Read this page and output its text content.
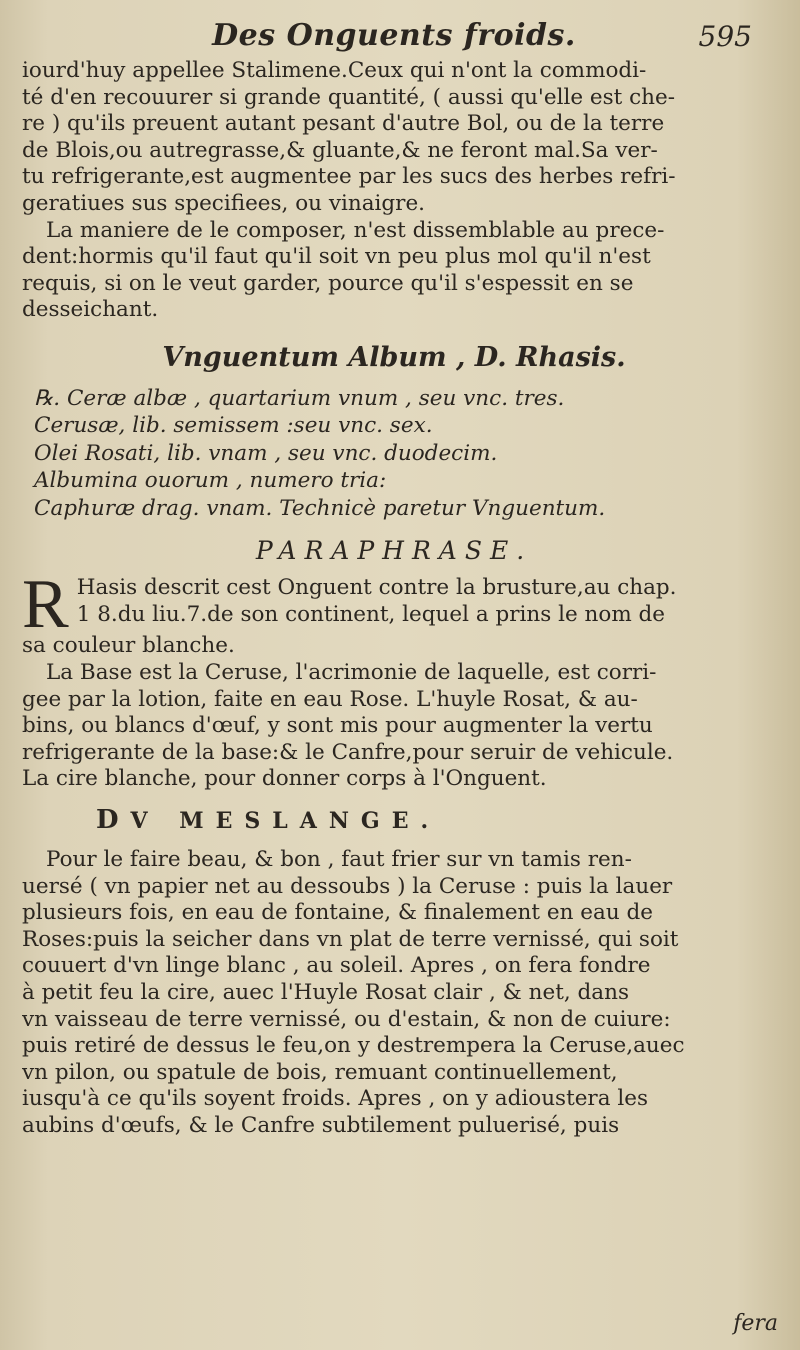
Des Onguents froids.	595
iourd'huy appellee Stalimene.Ceux qui n'ont la commodi-
té d'en recouurer si grande quantité, ( aussi qu'elle est che-
re ) qu'ils preuent autant pesant d'autre Bol, ou de la terre
de Blois,ou autregrasse,& gluante,& ne feront mal.Sa ver-
tu refrigerante,est augmentee par les sucs des herbes refri-
geratiues sus specifiees, ou vinaigre.
La maniere de le composer, n'est dissemblable au prece-
dent:hormis qu'il faut qu'il soit vn peu plus mol qu'il n'est
requis, si on le veut garder, pource qu'il s'espessit en se
desseichant.
Vnguentum Album , D. Rhasis.
℞. Ceræ albæ , quartarium vnum , seu vnc. tres.
Cerusæ, lib. semissem :seu vnc. sex.
Olei Rosati, lib. vnam , seu vnc. duodecim.
Albumina ouorum , numero tria:
Caphuræ drag. vnam. Technicè paretur Vnguentum.
PARAPHRASE.
R Hasis descrit cest Onguent contre la brusture,au chap.
1 8.du liu.7.de son continent, lequel a prins le nom de
sa couleur blanche.
La Base est la Ceruse, l'acrimonie de laquelle, est corri-
gee par la lotion, faite en eau Rose. L'huyle Rosat, & au-
bins, ou blancs d'œuf, y sont mis pour augmenter la vertu
refrigerante de la base:& le Canfre,pour seruir de vehicule.
La cire blanche, pour donner corps à l'Onguent.
DV MESLANGE.
Pour le faire beau, & bon , faut frier sur vn tamis ren-
uersé ( vn papier net au dessoubs ) la Ceruse : puis la lauer
plusieurs fois, en eau de fontaine, & finalement en eau de
Roses:puis la seicher dans vn plat de terre vernissé, qui soit
couuert d'vn linge blanc , au soleil. Apres , on fera fondre
à petit feu la cire, auec l'Huyle Rosat clair , & net, dans
vn vaisseau de terre vernissé, ou d'estain, & non de cuiure:
puis retiré de dessus le feu,on y destrempera la Ceruse,auec
vn pilon, ou spatule de bois, remuant continuellement,
iusqu'à ce qu'ils soyent froids. Apres , on y adioustera les
aubins d'œufs, & le Canfre subtilement puluerisé, puis
fera
